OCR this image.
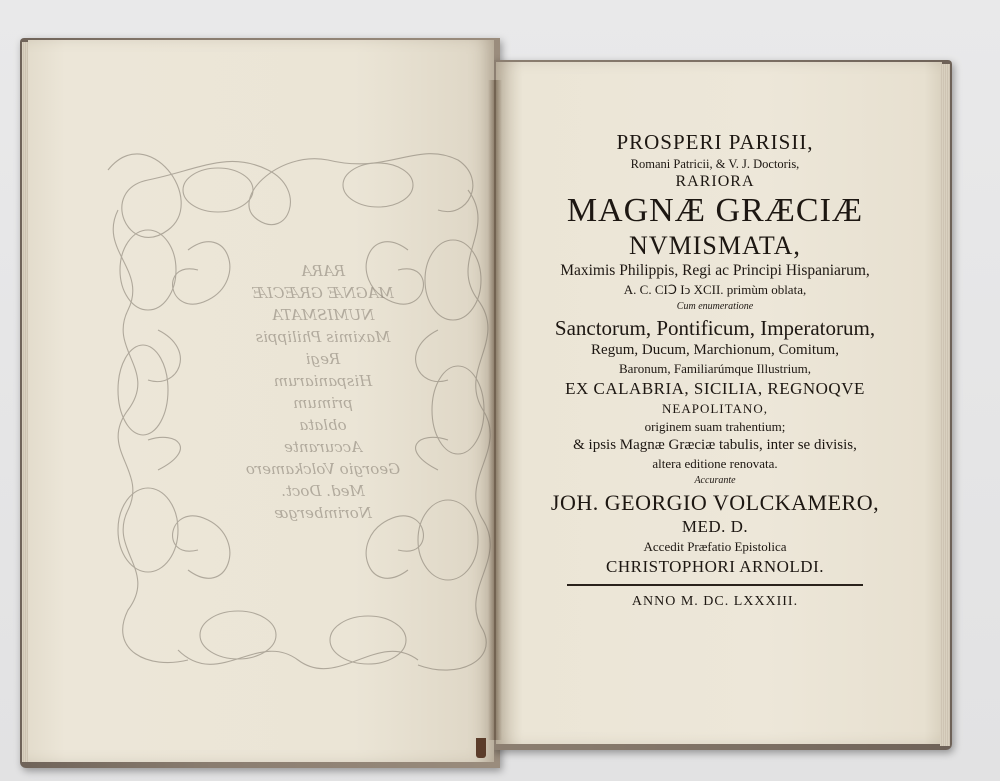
RARA
MAGNÆ GRÆCIÆ
NUMISMATA
Maximis Philippis
Regi
Hispaniarum
primum
oblata
Accurante
Georgio Volckamero
Med. Doct.
Norimbergæ
PROSPERI PARISII,
Romani Patricii, & V. J. Doctoris,
RARIORA
MAGNÆ GRÆCIÆ
NVMISMATA,
Maximis Philippis, Regi ac Principi Hispaniarum,
A. C. CIↃ Iↄ XCII. primùm oblata,
Cum enumeratione
Sanctorum, Pontificum, Imperatorum,
Regum, Ducum, Marchionum, Comitum,
Baronum, Familiarúmque Illustrium,
EX CALABRIA, SICILIA, REGNOQVE
NEAPOLITANO,
originem suam trahentium;
& ipsis Magnæ Græciæ tabulis, inter se divisis,
altera editione renovata.
Accurante
JOH. GEORGIO VOLCKAMERO,
MED. D.
Accedit Præfatio Epistolica
CHRISTOPHORI ARNOLDI.
ANNO M. DC. LXXXIII.
